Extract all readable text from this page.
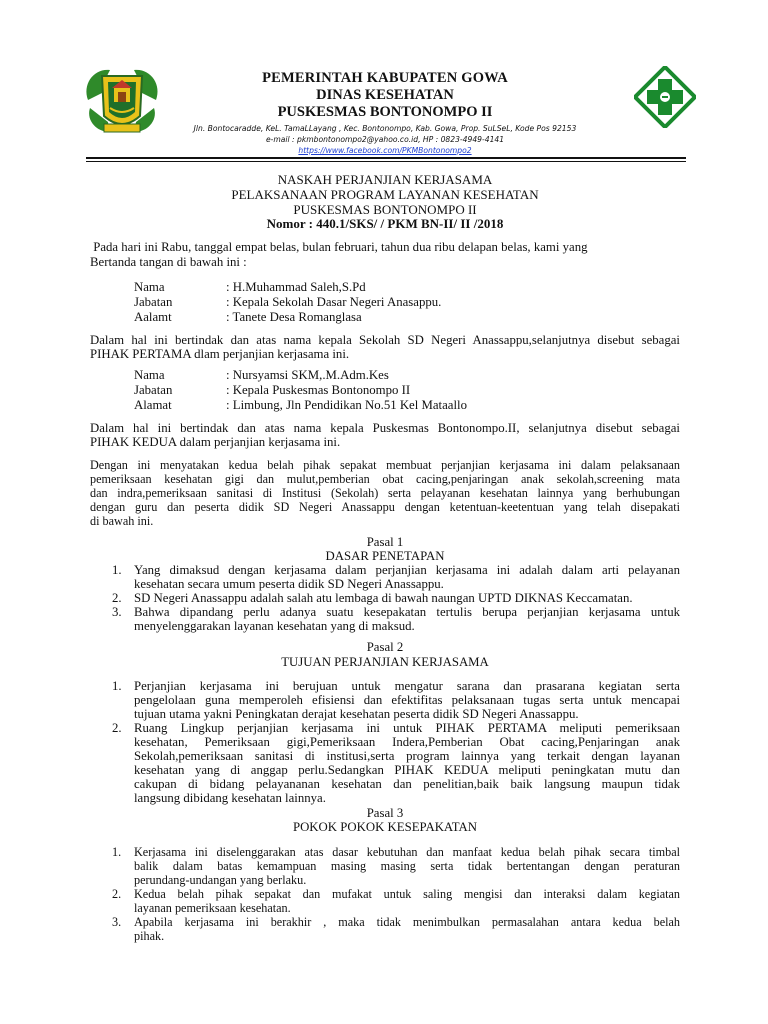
PEMERINTAH KABUPATEN GOWA
DINAS KESEHATAN
PUSKESMAS BONTONOMPO II
Jln. Bontocaradde, KeL. TamaLLayang , Kec. Bontonompo, Kab. Gowa, Prop. SuLSeL, Kode Pos 92153
e-mail : pkmbontonompo2@yahoo.co.id, HP : 0823-4949-4141
https://www.facebook.com/PKMBontonompo2
NASKAH PERJANJIAN KERJASAMA
PELAKSANAAN PROGRAM LAYANAN KESEHATAN
PUSKESMAS BONTONOMPO II
Nomor : 440.1/SKS/ / PKM BN-II/ II /2018
Pada hari ini Rabu, tanggal empat belas, bulan februari, tahun dua ribu delapan belas, kami yang
Bertanda tangan di bawah ini :
Nama	: H.Muhammad Saleh,S.Pd
Jabatan	: Kepala Sekolah Dasar Negeri Anasappu.
Aalamt	: Tanete Desa Romanglasa
Dalam hal ini bertindak dan atas nama kepala Sekolah SD Negeri Anassappu,selanjutnya disebut sebagai
PIHAK PERTAMA dlam perjanjian kerjasama ini.
Nama	: Nursyamsi SKM,.M.Adm.Kes
Jabatan	: Kepala Puskesmas Bontonompo II
Alamat	: Limbung, Jln Pendidikan No.51 Kel Mataallo
Dalam hal ini bertindak dan atas nama kepala Puskesmas Bontonompo.II, selanjutnya disebut sebagai
PIHAK KEDUA dalam perjanjian kerjasama ini.
Dengan ini menyatakan kedua belah pihak sepakat membuat perjanjian kerjasama ini dalam pelaksanaan
pemeriksaan kesehatan gigi dan mulut,pemberian obat cacing,penjaringan anak sekolah,screening mata
dan indra,pemeriksaan sanitasi di Institusi (Sekolah) serta pelayanan kesehatan lainnya yang berhubungan
dengan guru dan peserta didik SD Negeri Anassappu dengan ketentuan-keetentuan yang telah disepakati
di bawah ini.
Pasal 1
DASAR PENETAPAN
1. Yang dimaksud dengan kerjasama dalam perjanjian kerjasama ini adalah dalam arti pelayanan
kesehatan secara umum peserta didik SD Negeri Anassappu.
2. SD Negeri Anassappu adalah salah atu lembaga di bawah naungan UPTD DIKNAS Keccamatan.
3. Bahwa dipandang perlu adanya suatu kesepakatan tertulis berupa perjanjian kerjasama untuk
menyelenggarakan layanan kesehatan yang di maksud.
Pasal 2
TUJUAN PERJANJIAN KERJASAMA
1. Perjanjian kerjasama ini berujuan untuk mengatur sarana dan prasarana kegiatan serta
pengelolaan guna memperoleh efisiensi dan efektifitas pelaksanaan tugas serta untuk mencapai
tujuan utama yakni Peningkatan derajat kesehatan peserta didik SD Negeri Anassappu.
2. Ruang Lingkup perjanjian kerjasama ini untuk PIHAK PERTAMA meliputi pemeriksaan
kesehatan, Pemeriksaan gigi,Pemeriksaan Indera,Pemberian Obat cacing,Penjaringan anak
Sekolah,pemeriksaan sanitasi di institusi,serta program lainnya yang terkait dengan layanan
kesehatan yang di anggap perlu.Sedangkan PIHAK KEDUA meliputi peningkatan mutu dan
cakupan di bidang pelayananan kesehatan dan penelitian,baik baik langsung maupun tidak
langsung dibidang kesehatan lainnya.
Pasal 3
POKOK POKOK KESEPAKATAN
1. Kerjasama ini diselenggarakan atas dasar kebutuhan dan manfaat kedua belah pihak secara timbal
balik dalam batas kemampuan masing masing serta tidak bertentangan dengan peraturan
perundang-undangan yang berlaku.
2. Kedua belah pihak sepakat dan mufakat untuk saling mengisi dan interaksi dalam kegiatan
layanan pemeriksaan kesehatan.
3. Apabila kerjasama ini berakhir , maka tidak menimbulkan permasalahan antara kedua belah
pihak.
